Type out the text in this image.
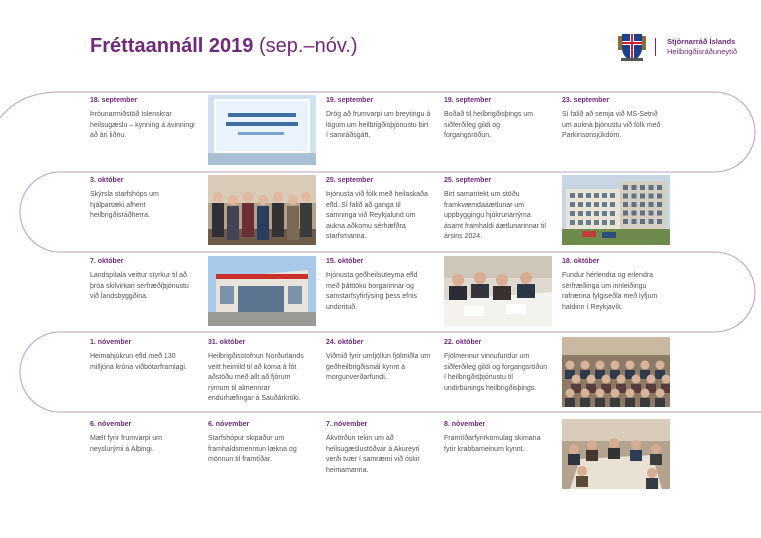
Fréttaannáll 2019 (sep.–nóv.)	Stjórnarráð Íslands
Heilbrigðisráðuneytið
18. september
Þróunarmiðstöð íslenskrar heilsugæslu – kynning á ávinningi að ári liðnu.
19. september
Drög að frumvarpi um breytingu á lögum um heilbrigðisþjónustu birt í samráðsgátt.
19. september
Boðað til heilbrigðisþings um siðferðileg gildi og forgangsröðun.
23. september
Sí falið að semja við MS-Setrið um aukna þjónustu við fólk með Parkinsonsjúkdóm.
3. október
Skýrsla starfshóps um hjálpartæki afhent heilbrigðisráðherra.
25. september
Þjónusta við fólk með heilaskaða efld. SÍ falið að ganga til samninga við Reykjalund um aukna aðkomu sérhæfðra starfsmanna.
25. september
Birt samantekt um stöðu framkvæmdaáætlunar um uppbyggingu hjúkrunarrýma ásamt framhaldi áætlunarinnar til ársins 2024.
7. október
Landspítala veittur styrkur til að þróa skilvirkari sérfræðiþjónustu við landsbyggðina.
15. október
Þjónusta geðheilsuteyma efld með þátttöku borgarinnar og samstarfsyfirlýsing þess efnis undirrituð.
18. október
Fundur hérlendra og erlendra sérfræðinga um innleiðingu rafrænna fylgiseðla með lyfjum haldinn í Reykjavík.
1. nóvember
Heimahjúkrun efld með 130 milljóna króna viðbótarframlagi.
31. október
Heilbrigðisstofnun Norðurlands veitt heimild til að koma á fót aðstöðu með allt að fjórum rýmum til almennrar endurhæfingar á Sauðárkróki.
24. október
Viðmið fyrir umfjöllun fjölmiðla um geðheilbrigðismál kynnt á morgunverðarfundi.
22. október
Fjölmennur vinnufundur um siðferðileg gildi og forgangsröðun í heilbrigðisþjónustu til undirbúnings heilbrigðisþings.
6. nóvember
Mælt fyrir frumvarpi um neyslurými á Alþingi.
6. nóvember
Starfshópur skipaður um framhaldsmenntun lækna og mönnun til framtíðar.
7. nóvember
Ákvörðun tekin um að heilsugæslustöðvar á Akureyri verði tvær í samræmi við óskir heimamanna.
8. nóvember
Framtíðarfyrirkomulag skimana fyrir krabbameinum kynnt.
